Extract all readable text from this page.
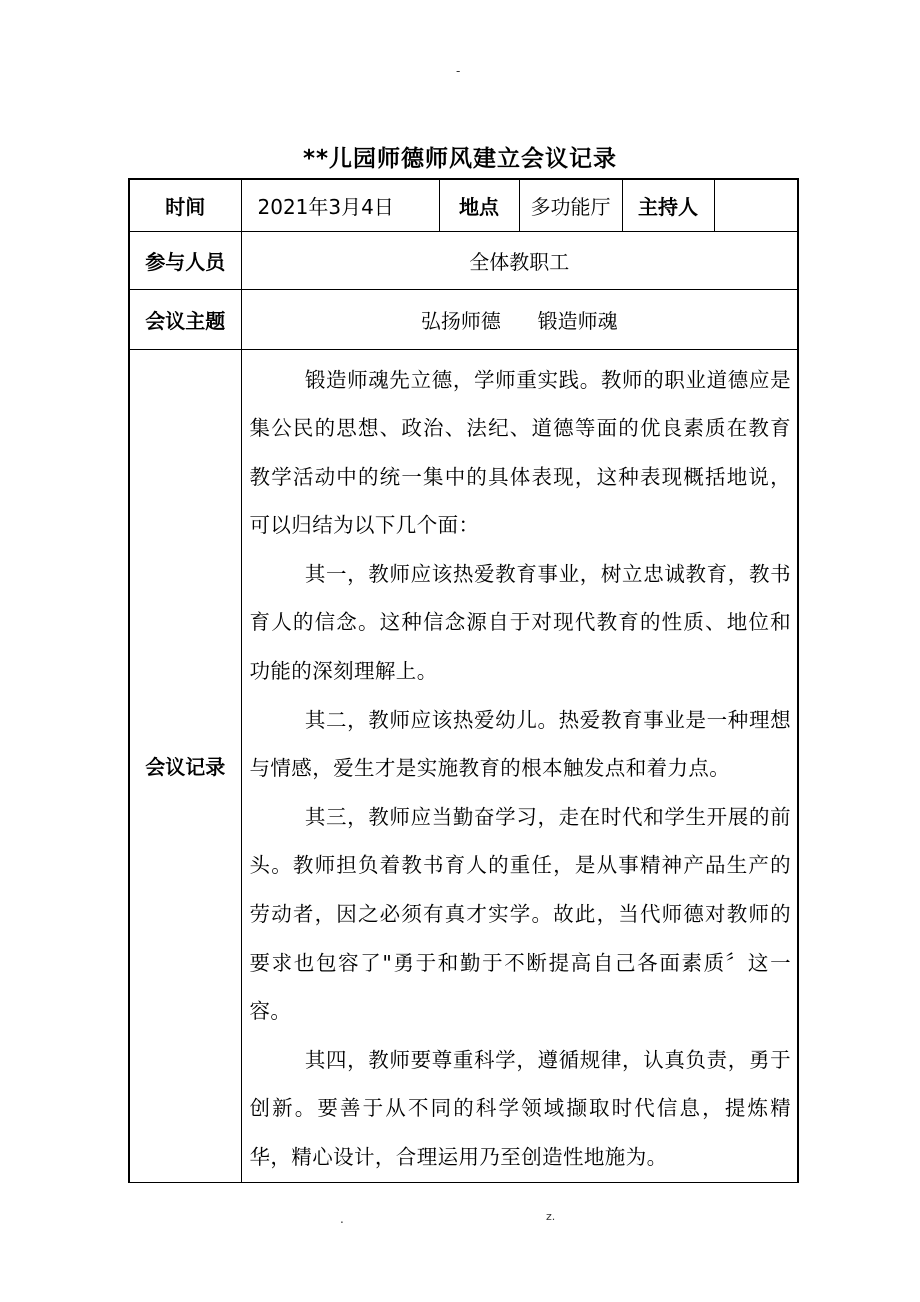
-
**儿园师德师风建立会议记录
时间	2021年3月4日	地点	多功能厅	主持人	
参与人员	全体教职工				
会议主题	弘扬师德  锻造师魂				
会议记录	锻造师魂先立德，学师重实践。教师的职业道德应是集公民的思想、政治、法纪、道德等面的优良素质在教育教学活动中的统一集中的具体表现，这种表现概括地说，可以归结为以下几个面：

其一，教师应该热爱教育事业，树立忠诚教育，教书育人的信念。这种信念源自于对现代教育的性质、地位和功能的深刻理解上。

其二，教师应该热爱幼儿。热爱教育事业是一种理想与情感，爱生才是实施教育的根本触发点和着力点。

其三，教师应当勤奋学习，走在时代和学生开展的前头。教师担负着教书育人的重任，是从事精神产品生产的劳动者，因之必须有真才实学。故此，当代师德对教师的要求也包容了"勇于和勤于不断提高自己各面素质〞这一容。

其四，教师要尊重科学，遵循规律，认真负责，勇于创新。要善于从不同的科学领域撷取时代信息，提炼精华，精心设计，合理运用乃至创造性地施为。				

.	z.
